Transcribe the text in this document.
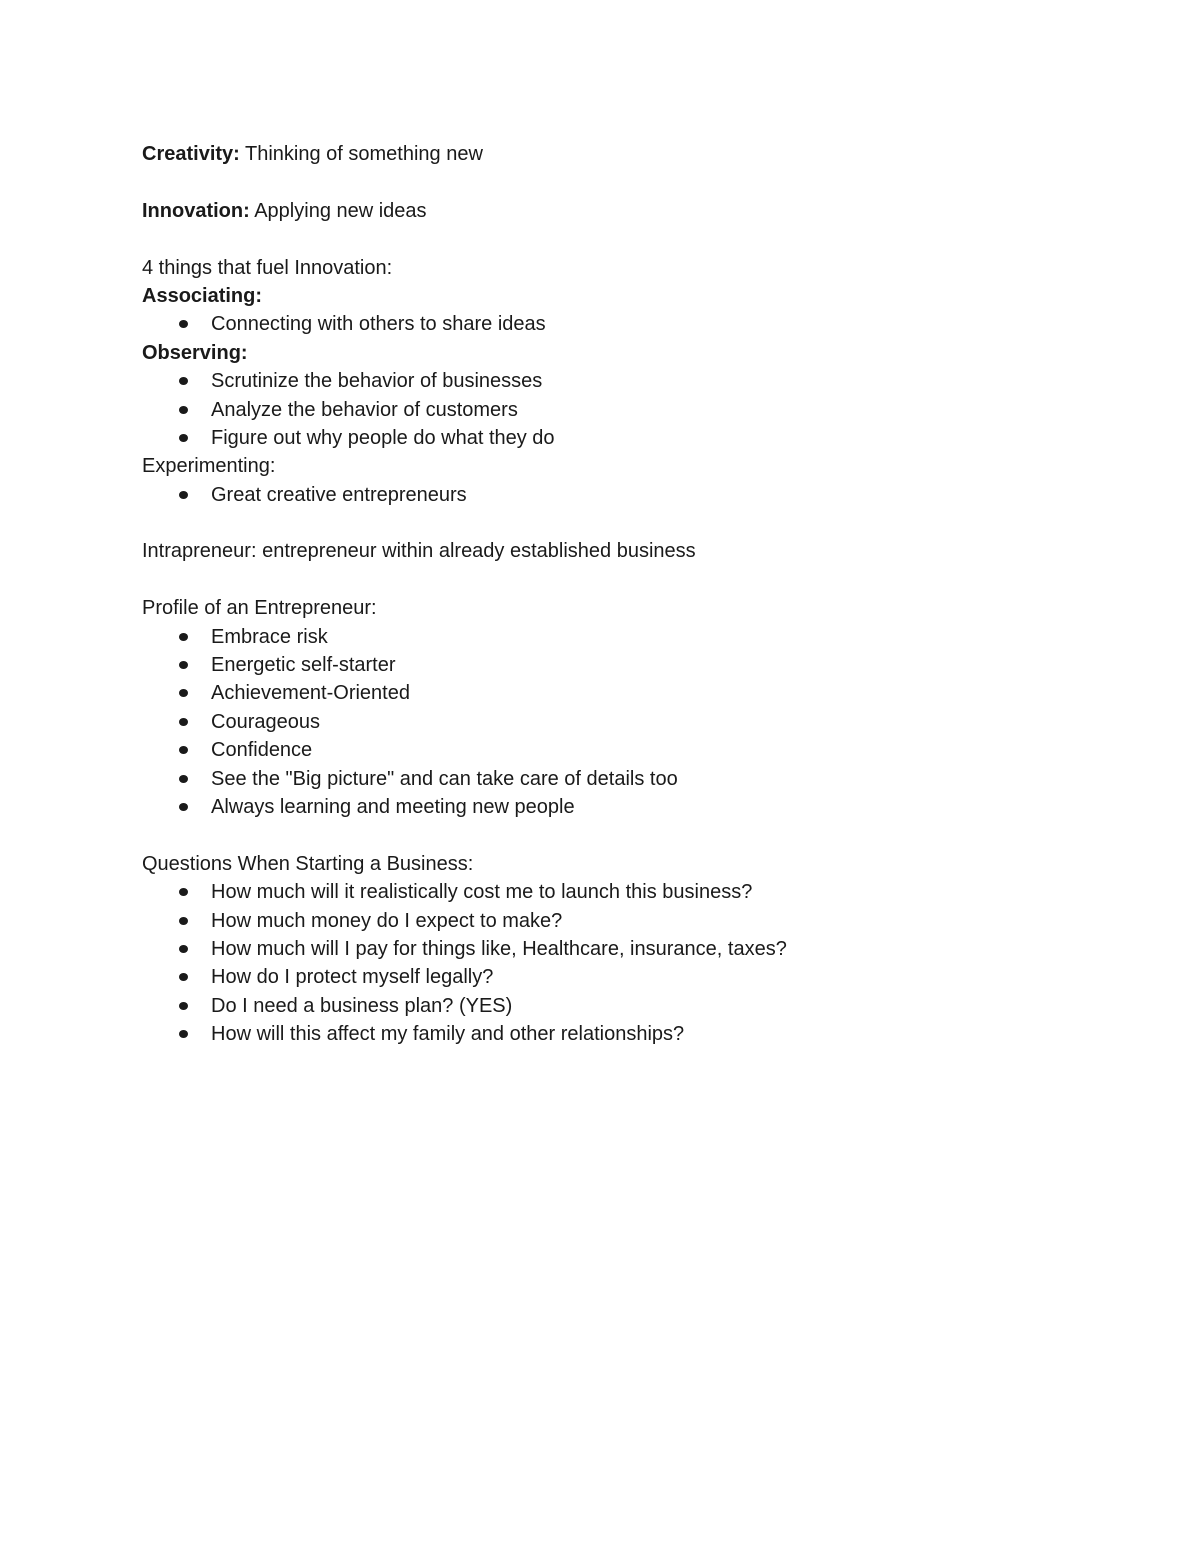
Creativity: Thinking of something new
Innovation: Applying new ideas
4 things that fuel Innovation:
Associating:
Connecting with others to share ideas
Observing:
Scrutinize the behavior of businesses
Analyze the behavior of customers
Figure out why people do what they do
Experimenting:
Great creative entrepreneurs
Intrapreneur: entrepreneur within already established business
Profile of an Entrepreneur:
Embrace risk
Energetic self-starter
Achievement-Oriented
Courageous
Confidence
See the "Big picture" and can take care of details too
Always learning and meeting new people
Questions When Starting a Business:
How much will it realistically cost me to launch this business?
How much money do I expect to make?
How much will I pay for things like, Healthcare, insurance, taxes?
How do I protect myself legally?
Do I need a business plan? (YES)
How will this affect my family and other relationships?
